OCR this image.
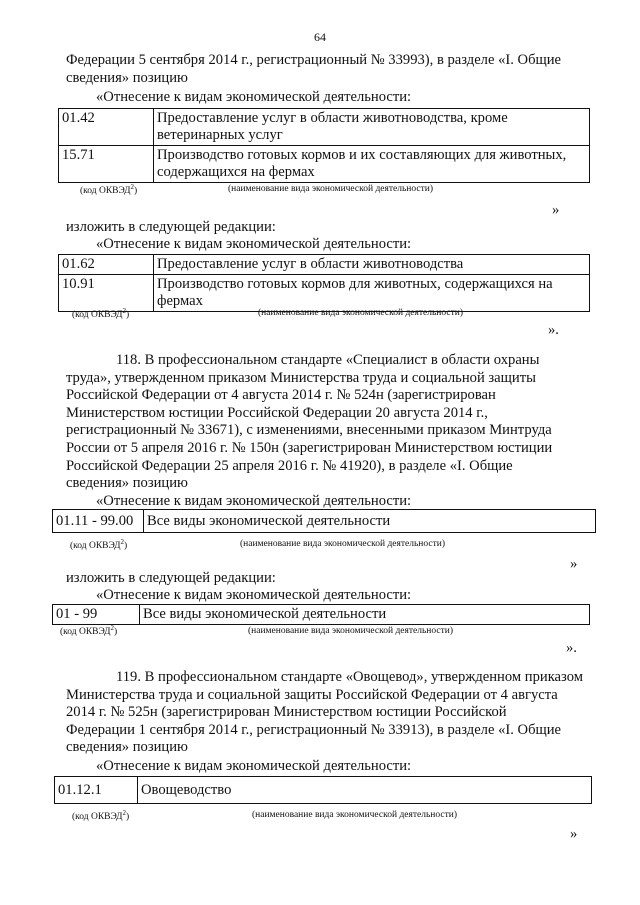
64
Федерации 5 сентября 2014 г., регистрационный № 33993), в разделе «I. Общие
сведения» позицию
«Отнесение к видам экономической деятельности:
01.42	Предоставление услуг в области животноводства, кроме ветеринарных услуг
15.71	Производство готовых кормов и их составляющих для животных, содержащихся на фермах
(код ОКВЭД$^2$)	(наименование вида экономической деятельности)
»
изложить в следующей редакции:
«Отнесение к видам экономической деятельности:
01.62	Предоставление услуг в области животноводства
10.91	Производство готовых кормов для животных, содержащихся на фермах
(код ОКВЭД$^2$)	(наименование вида экономической деятельности)
».
118. В профессиональном стандарте «Специалист в области охраны
труда», утвержденном приказом Министерства труда и социальной защиты
Российской Федерации от 4 августа 2014 г. № 524н (зарегистрирован
Министерством юстиции Российской Федерации 20 августа 2014 г.,
регистрационный № 33671), с изменениями, внесенными приказом Минтруда
России от 5 апреля 2016 г. № 150н (зарегистрирован Министерством юстиции
Российской Федерации 25 апреля 2016 г. № 41920), в разделе «I. Общие
сведения» позицию
«Отнесение к видам экономической деятельности:
01.11 - 99.00	Все виды экономической деятельности
(код ОКВЭД$^2$)	(наименование вида экономической деятельности)
»
изложить в следующей редакции:
«Отнесение к видам экономической деятельности:
01 - 99	Все виды экономической деятельности
(код ОКВЭД$^2$)	(наименование вида экономической деятельности)
».
119. В профессиональном стандарте «Овощевод», утвержденном приказом
Министерства труда и социальной защиты Российской Федерации от 4 августа
2014 г. № 525н (зарегистрирован Министерством юстиции Российской
Федерации 1 сентября 2014 г., регистрационный № 33913), в разделе «I. Общие
сведения» позицию
«Отнесение к видам экономической деятельности:
01.12.1	Овощеводство
(код ОКВЭД$^2$)	(наименование вида экономической деятельности)
»
